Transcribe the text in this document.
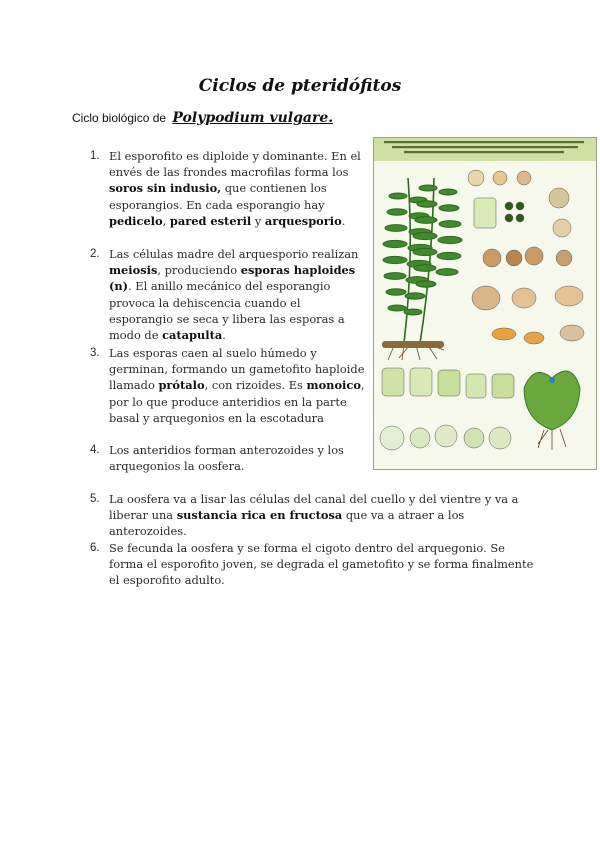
Ciclos de pteridófitos
Ciclo biológico de Polypodium vulgare.
1. El esporofito es diploide y dominante. En el envés de las frondes macrofilas forma los soros sin indusio, que contienen los esporangios. En cada esporangio hay pedicelo, pared esteril y arquesporio.
2. Las células madre del arquesporio realizan meiosis, produciendo esporas haploides (n). El anillo mecánico del esporangio provoca la dehiscencia cuando el esporangio se seca y libera las esporas a modo de catapulta.
3. Las esporas caen al suelo húmedo y germinan, formando un gametofito haploide llamado prótalo, con rizoides. Es monoico, por lo que produce anteridios en la parte basal y arquegonios en la escotadura
4. Los anteridios forman anterozoides y los arquegonios la oosfera.
5. La oosfera va a lisar las células del canal del cuello y del vientre y va a liberar una sustancia rica en fructosa que va a atraer a los anterozoides.
6. Se fecunda la oosfera y se forma el cigoto dentro del arquegonio. Se forma el esporofito joven, se degrada el gametofito y se forma finalmente el esporofito adulto.
